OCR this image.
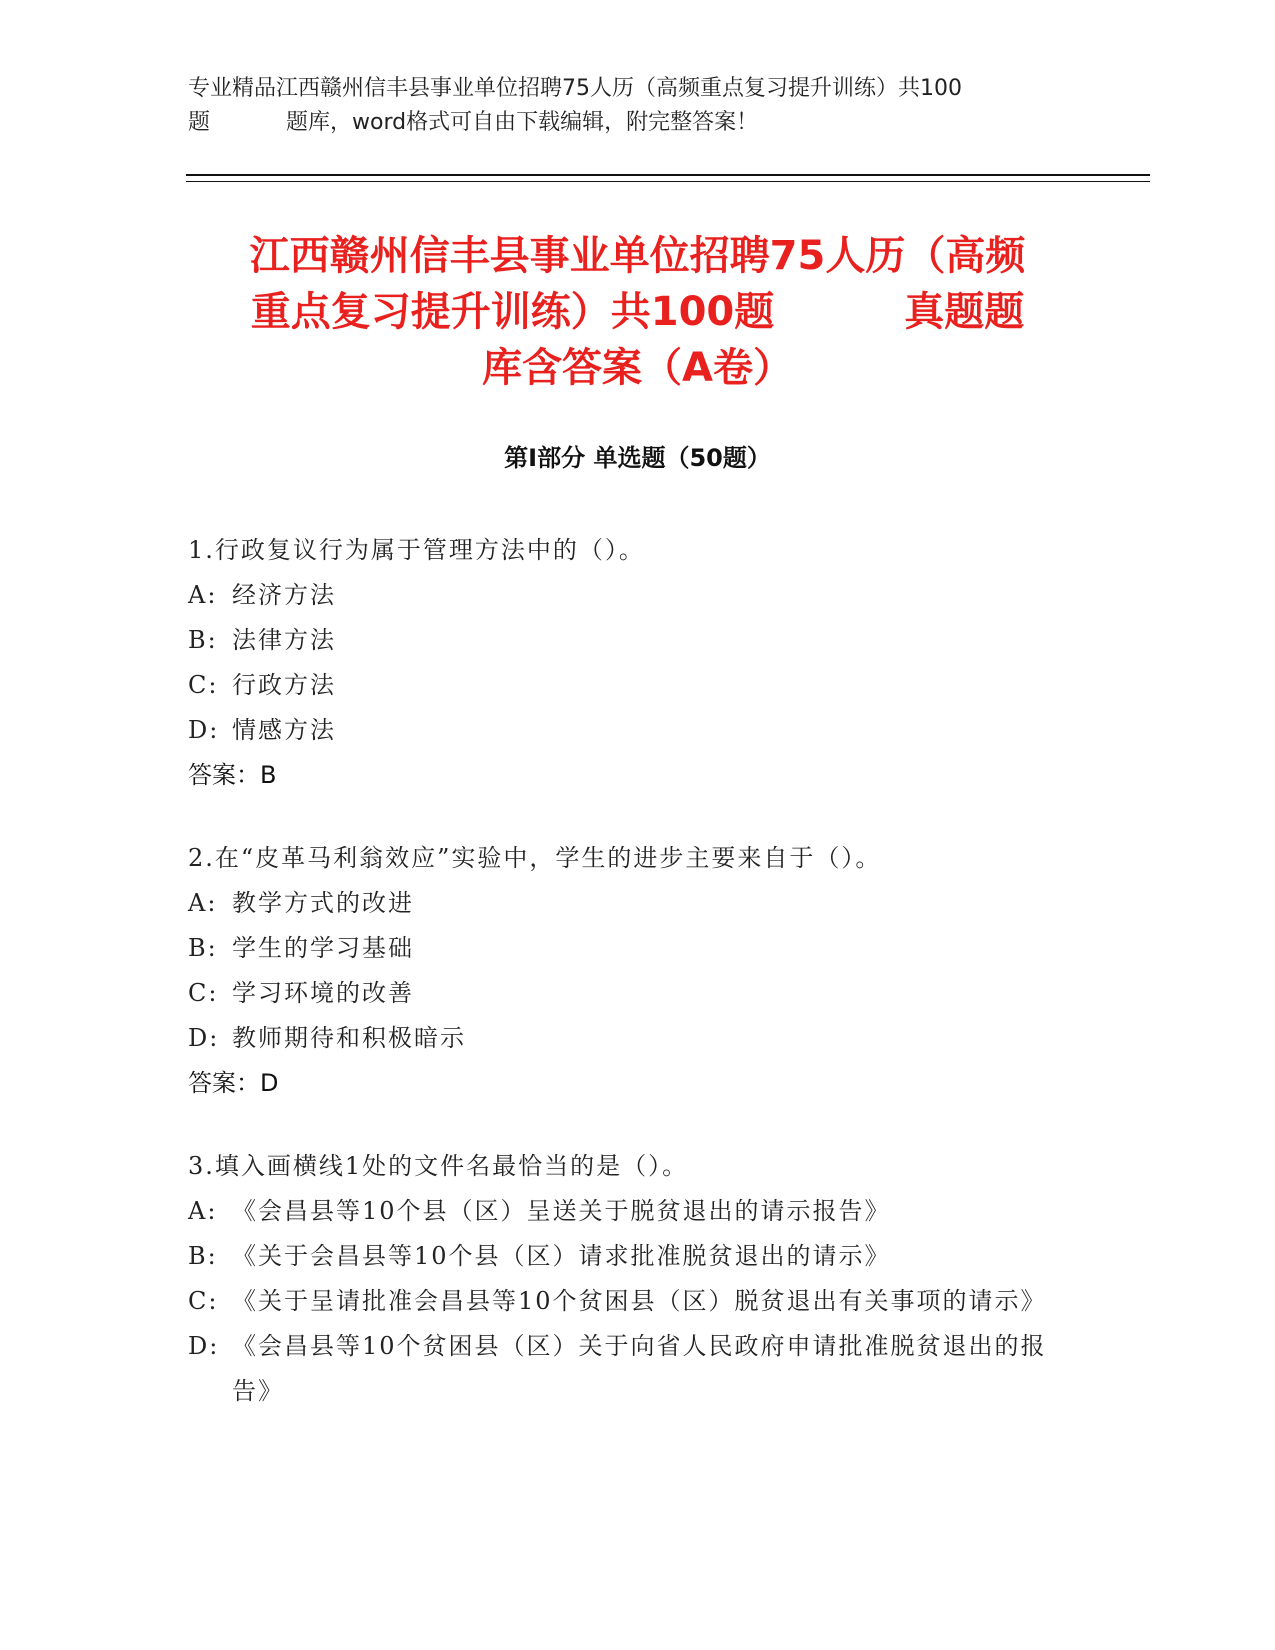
专业精品江西赣州信丰县事业单位招聘75人历（高频重点复习提升训练）共100
题	题库，word格式可自由下载编辑，附完整答案！
江西赣州信丰县事业单位招聘75人历（高频
重点复习提升训练）共100题	真题题
库含答案（A卷）
第Ⅰ部分 单选题（50题）
1.行政复议行为属于管理方法中的（）。
A: 经济方法
B: 法律方法
C: 行政方法
D: 情感方法
答案：B
2.在“皮革马利翁效应”实验中，学生的进步主要来自于（）。
A: 教学方式的改进
B: 学生的学习基础
C: 学习环境的改善
D: 教师期待和积极暗示
答案：D
3.填入画横线1处的文件名最恰当的是（）。
A: 《会昌县等10个县（区）呈送关于脱贫退出的请示报告》
B: 《关于会昌县等10个县（区）请求批准脱贫退出的请示》
C: 《关于呈请批准会昌县等10个贫困县（区）脱贫退出有关事项的请示》
D: 《会昌县等10个贫困县（区）关于向省人民政府申请批准脱贫退出的报告》
